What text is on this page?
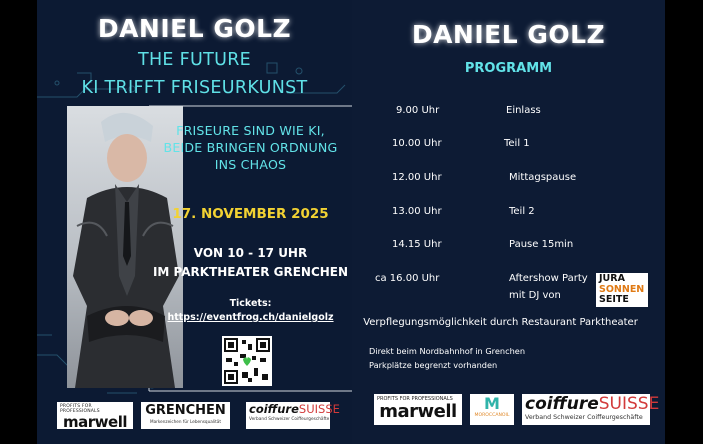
DANIEL GOLZ
THE FUTURE
KI TRIFFT FRISEURKUNST
FRISEURE SIND WIE KI,
BEIDE BRINGEN ORDNUNG
INS CHAOS
17. NOVEMBER 2025
VON 10 - 17 UHR
IM PARKTHEATER GRENCHEN
Tickets:
https://eventfrog.ch/danielgolz
PROFITS FOR PROFESSIONALS
marwell
GRENCHEN
Markenzeichen für Lebensqualität
coiffureSUISSE
Verband Schweizer Coiffeurgeschäfte
DANIEL GOLZ
PROGRAMM
9.00 Uhr	Einlass
10.00 Uhr	Teil 1
12.00 Uhr	Mittagspause
13.00 Uhr	Teil 2
14.15 Uhr	Pause 15min
ca 16.00 Uhr	Aftershow Party
mit DJ von
JURA
SONNEN
SEITE
Verpflegungsmöglichkeit durch Restaurant Parktheater
Direkt beim Nordbahnhof in Grenchen
Parkplätze begrenzt vorhanden
PROFITS FOR PROFESSIONALS
marwell	M
MOROCCANOIL
coiffureSUISSE
Verband Schweizer Coiffeurgeschäfte
